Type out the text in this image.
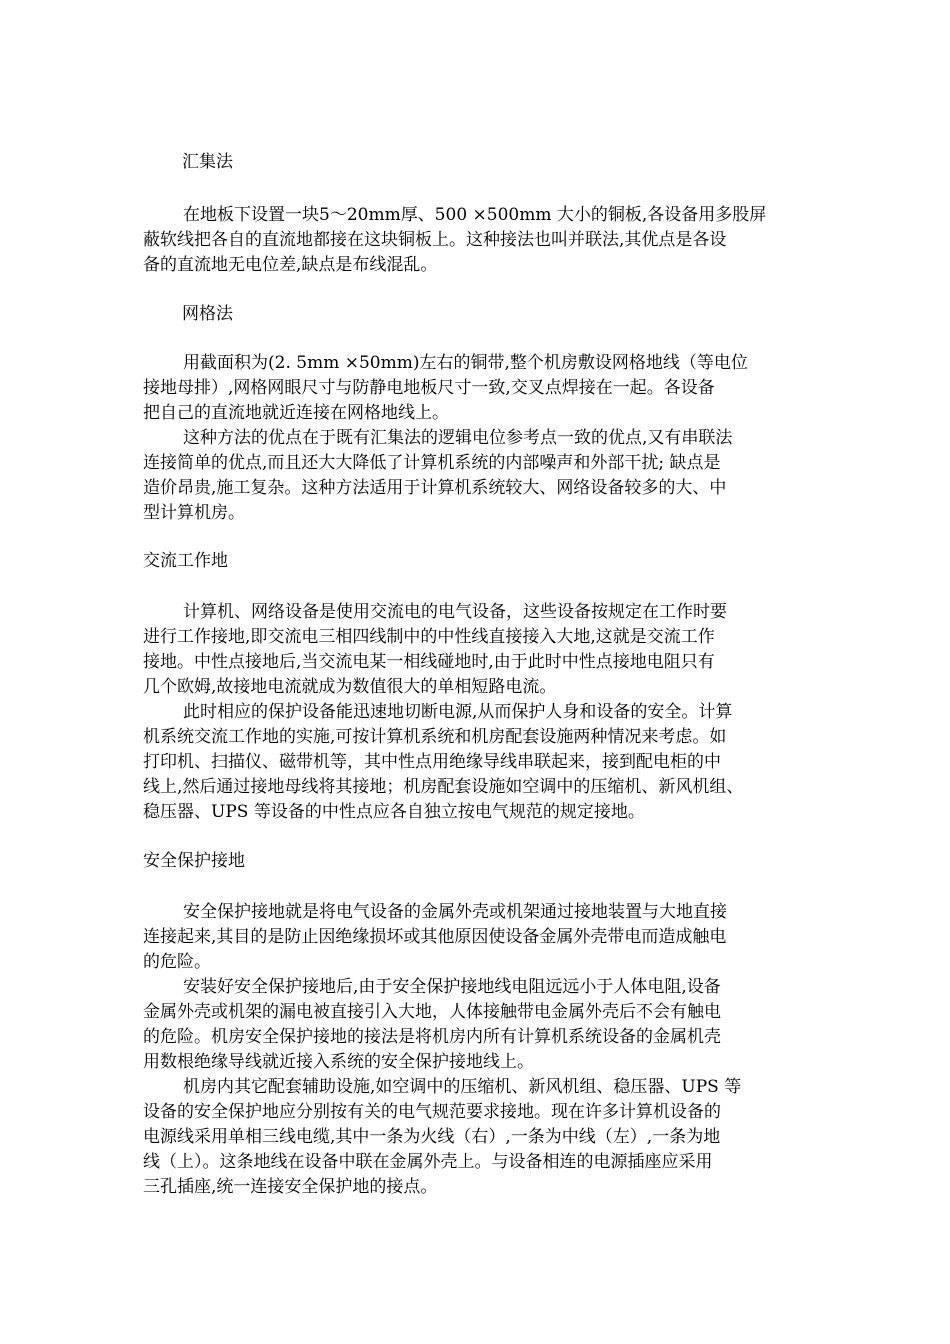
汇集法

在地板下设置一块5～20mm厚、500 ×500mm 大小的铜板,各设备用多股屏

蔽软线把各自的直流地都接在这块铜板上。这种接法也叫并联法,其优点是各设

备的直流地无电位差,缺点是布线混乱。

网格法

用截面积为(2. 5mm ×50mm)左右的铜带,整个机房敷设网格地线（等电位

接地母排）,网格网眼尺寸与防静电地板尺寸一致,交叉点焊接在一起。各设备

把自己的直流地就近连接在网格地线上。

这种方法的优点在于既有汇集法的逻辑电位参考点一致的优点,又有串联法

连接简单的优点,而且还大大降低了计算机系统的内部噪声和外部干扰; 缺点是

造价昂贵,施工复杂。这种方法适用于计算机系统较大、网络设备较多的大、中

型计算机房。

交流工作地

计算机、网络设备是使用交流电的电气设备，这些设备按规定在工作时要

进行工作接地,即交流电三相四线制中的中性线直接接入大地,这就是交流工作

接地。中性点接地后,当交流电某一相线碰地时,由于此时中性点接地电阻只有

几个欧姆,故接地电流就成为数值很大的单相短路电流。

此时相应的保护设备能迅速地切断电源,从而保护人身和设备的安全。计算

机系统交流工作地的实施,可按计算机系统和机房配套设施两种情况来考虑。如

打印机、扫描仪、磁带机等，其中性点用绝缘导线串联起来，接到配电柜的中

线上,然后通过接地母线将其接地；机房配套设施如空调中的压缩机、新风机组、

稳压器、UPS 等设备的中性点应各自独立按电气规范的规定接地。

安全保护接地

安全保护接地就是将电气设备的金属外壳或机架通过接地装置与大地直接

连接起来,其目的是防止因绝缘损坏或其他原因使设备金属外壳带电而造成触电

的危险。

安装好安全保护接地后,由于安全保护接地线电阻远远小于人体电阻,设备

金属外壳或机架的漏电被直接引入大地，人体接触带电金属外壳后不会有触电

的危险。机房安全保护接地的接法是将机房内所有计算机系统设备的金属机壳

用数根绝缘导线就近接入系统的安全保护接地线上。

机房内其它配套辅助设施,如空调中的压缩机、新风机组、稳压器、UPS 等

设备的安全保护地应分别按有关的电气规范要求接地。现在许多计算机设备的

电源线采用单相三线电缆,其中一条为火线（右）,一条为中线（左）,一条为地

线（上）。这条地线在设备中联在金属外壳上。与设备相连的电源插座应采用

三孔插座,统一连接安全保护地的接点。
